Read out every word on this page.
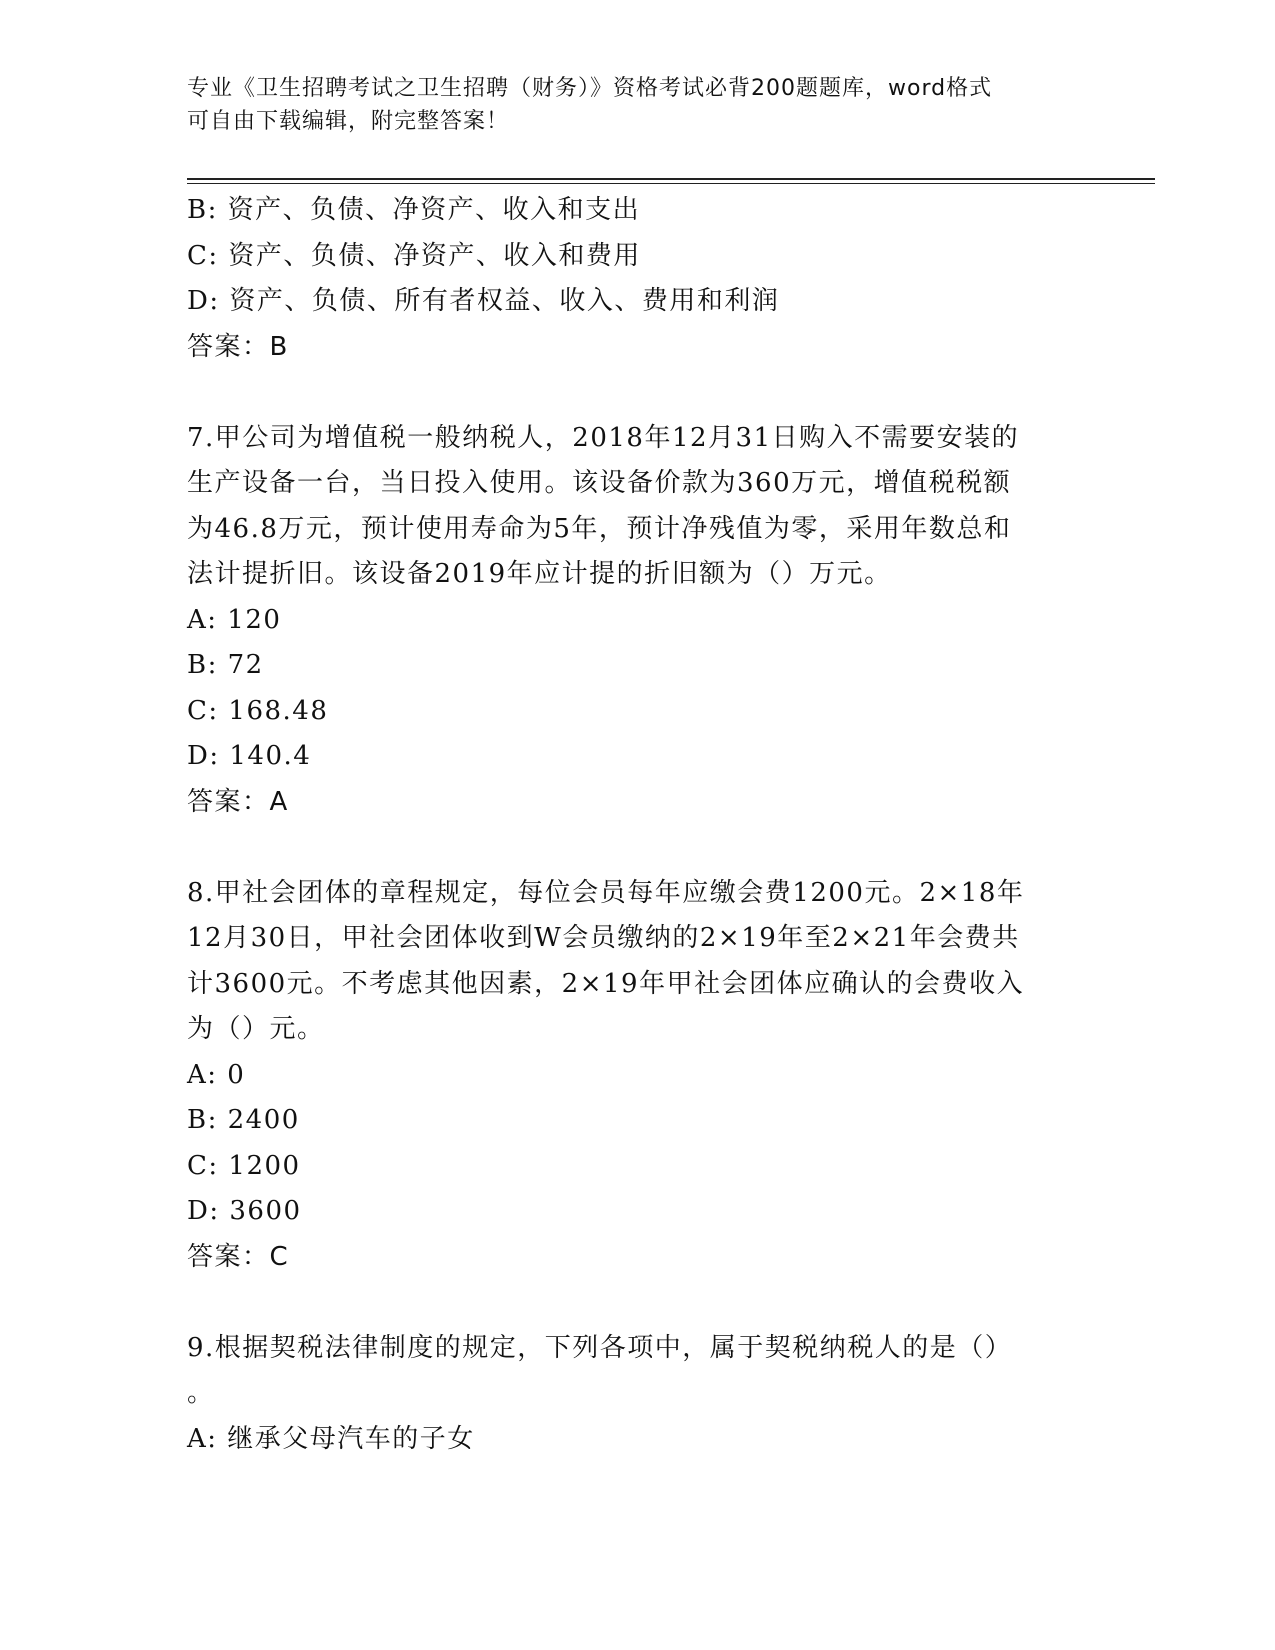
专业《卫生招聘考试之卫生招聘（财务）》资格考试必背200题题库，word格式
可自由下载编辑，附完整答案！
B: 资产、负债、净资产、收入和支出
C: 资产、负债、净资产、收入和费用
D: 资产、负债、所有者权益、收入、费用和利润
答案：B
7.甲公司为增值税一般纳税人，2018年12月31日购入不需要安装的
生产设备一台，当日投入使用。该设备价款为360万元，增值税税额
为46.8万元，预计使用寿命为5年，预计净残值为零，采用年数总和
法计提折旧。该设备2019年应计提的折旧额为（）万元。
A: 120
B: 72
C: 168.48
D: 140.4
答案：A
8.甲社会团体的章程规定，每位会员每年应缴会费1200元。2×18年
12月30日，甲社会团体收到W会员缴纳的2×19年至2×21年会费共
计3600元。不考虑其他因素，2×19年甲社会团体应确认的会费收入
为（）元。
A: 0
B: 2400
C: 1200
D: 3600
答案：C
9.根据契税法律制度的规定，下列各项中，属于契税纳税人的是（）
。
A: 继承父母汽车的子女
